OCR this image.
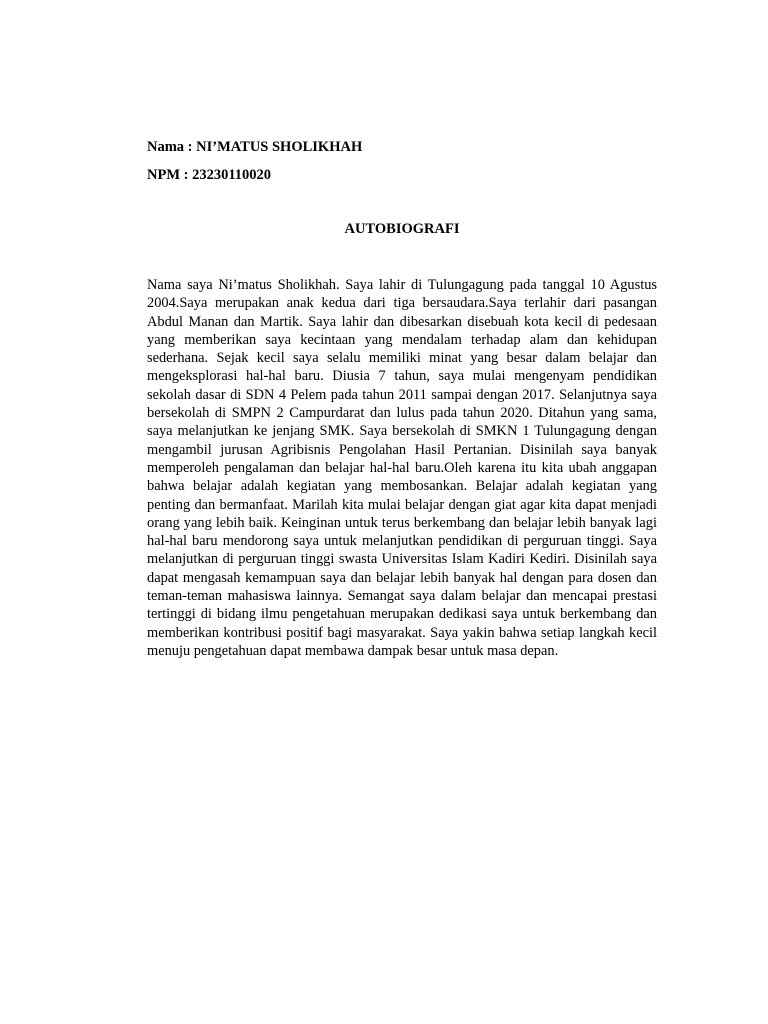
Nama : NI’MATUS SHOLIKHAH
NPM : 23230110020
AUTOBIOGRAFI

Nama saya Ni’matus Sholikhah. Saya lahir di Tulungagung pada tanggal 10 Agustus 2004.Saya merupakan anak kedua dari tiga bersaudara.Saya terlahir dari pasangan Abdul Manan dan Martik. Saya lahir dan dibesarkan disebuah kota kecil di pedesaan yang memberikan saya kecintaan yang mendalam terhadap alam dan kehidupan sederhana. Sejak kecil saya selalu memiliki minat yang besar dalam belajar dan mengeksplorasi hal-hal baru. Diusia 7 tahun, saya mulai mengenyam pendidikan sekolah dasar di SDN 4 Pelem pada tahun 2011 sampai dengan 2017. Selanjutnya saya bersekolah di SMPN 2 Campurdarat dan lulus pada tahun 2020. Ditahun yang sama, saya melanjutkan ke jenjang SMK. Saya bersekolah di SMKN 1 Tulungagung dengan mengambil jurusan Agribisnis Pengolahan Hasil Pertanian. Disinilah saya banyak memperoleh pengalaman dan belajar hal-hal baru.Oleh karena itu kita ubah anggapan bahwa belajar adalah kegiatan yang membosankan. Belajar adalah kegiatan yang penting dan bermanfaat. Marilah kita mulai belajar dengan giat agar kita dapat menjadi orang yang lebih baik. Keinginan untuk terus berkembang dan belajar lebih banyak lagi hal-hal baru mendorong saya untuk melanjutkan pendidikan di perguruan tinggi. Saya melanjutkan di perguruan tinggi swasta Universitas Islam Kadiri Kediri. Disinilah saya dapat mengasah kemampuan saya dan belajar lebih banyak hal dengan para dosen dan teman-teman mahasiswa lainnya. Semangat saya dalam belajar dan mencapai prestasi tertinggi di bidang ilmu pengetahuan merupakan dedikasi saya untuk berkembang dan memberikan kontribusi positif bagi masyarakat. Saya yakin bahwa setiap langkah kecil menuju pengetahuan dapat membawa dampak besar untuk masa depan.
